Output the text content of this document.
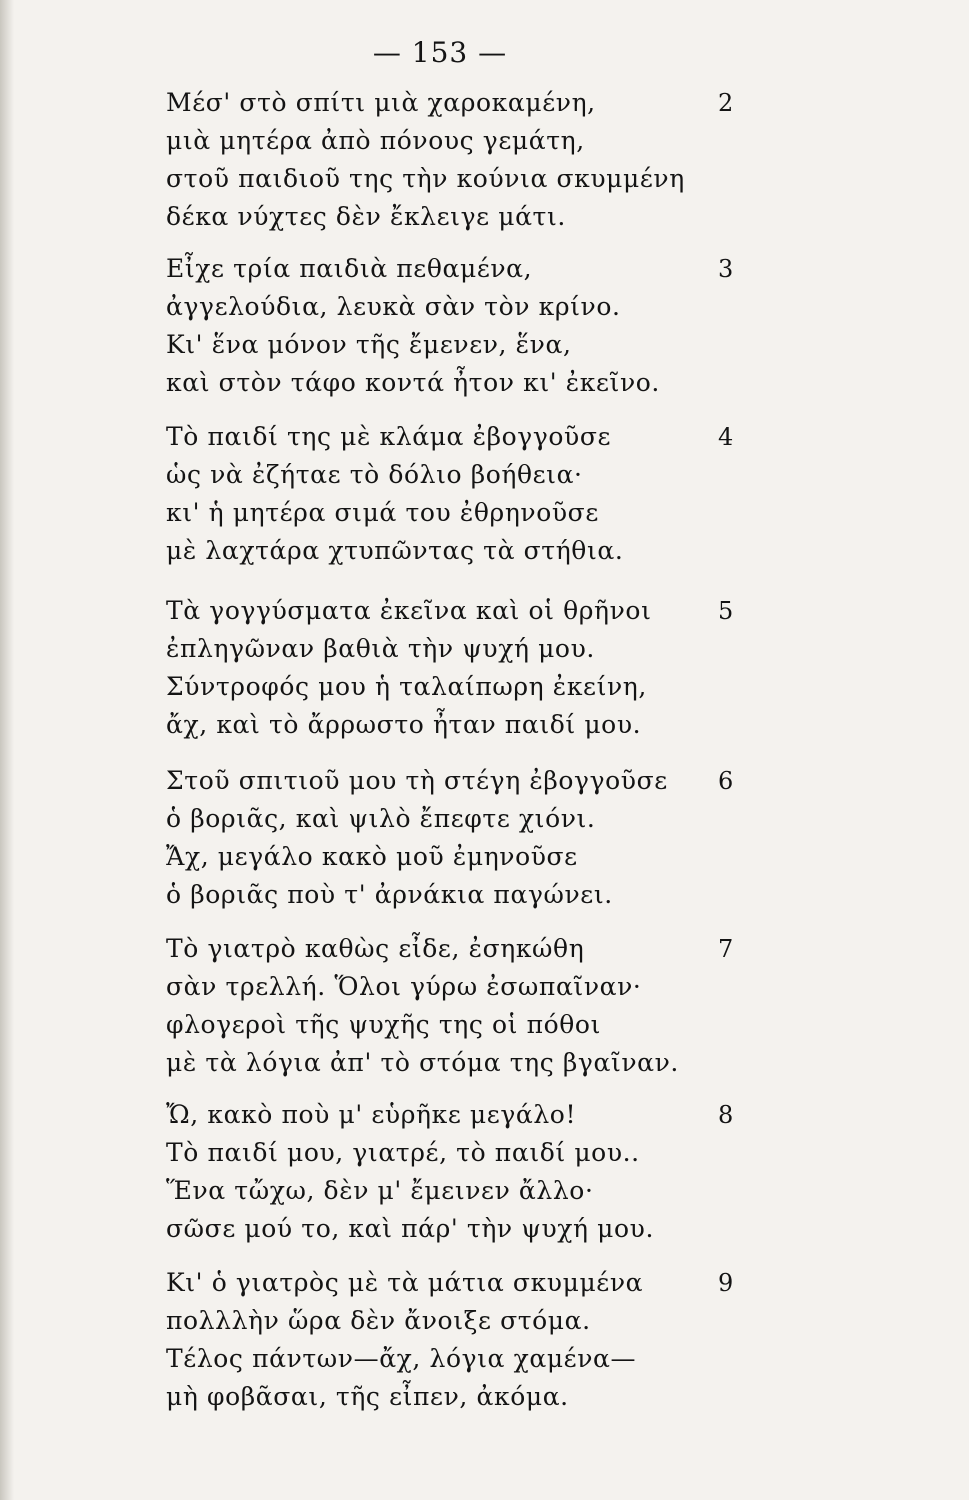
— 153 —
Μέσ' στὸ σπίτι μιὰ χαροκαμένη,
μιὰ μητέρα ἀπὸ πόνους γεμάτη,
στοῦ παιδιοῦ της τὴν κούνια σκυμμένη
δέκα νύχτες δὲν ἔκλειγε μάτι.
2
Εἶχε τρία παιδιὰ πεθαμένα,
ἀγγελούδια, λευκὰ σὰν τὸν κρίνο.
Κι' ἕνα μόνον τῆς ἔμενεν, ἕνα,
καὶ στὸν τάφο κοντά ἦτον κι' ἐκεῖνο.
3
Τὸ παιδί της μὲ κλάμα ἐβογγοῦσε
ὡς νὰ ἐζήταε τὸ δόλιο βοήθεια·
κι' ἡ μητέρα σιμά του ἐθρηνοῦσε
μὲ λαχτάρα χτυπῶντας τὰ στήθια.
4
Τὰ γογγύσματα ἐκεῖνα καὶ οἱ θρῆνοι
ἐπληγῶναν βαθιὰ τὴν ψυχή μου.
Σύντροφός μου ἡ ταλαίπωρη ἐκείνη,
ἄχ, καὶ τὸ ἄρρωστο ἦταν παιδί μου.
5
Στοῦ σπιτιοῦ μου τὴ στέγη ἐβογγοῦσε
ὁ βοριᾶς, καὶ ψιλὸ ἔπεφτε χιόνι.
Ἄχ, μεγάλο κακὸ μοῦ ἐμηνοῦσε
ὁ βοριᾶς ποὺ τ' ἀρνάκια παγώνει.
6
Τὸ γιατρὸ καθὼς εἶδε, ἐσηκώθη
σὰν τρελλή. Ὅλοι γύρω ἐσωπαῖναν·
φλογεροὶ τῆς ψυχῆς της οἱ πόθοι
μὲ τὰ λόγια ἀπ' τὸ στόμα της βγαῖναν.
7
Ὤ, κακὸ ποὺ μ' εὑρῆκε μεγάλο!
Τὸ παιδί μου, γιατρέ, τὸ παιδί μου..
Ἕνα τὤχω, δὲν μ' ἔμεινεν ἄλλο·
σῶσε μού το, καὶ πάρ' τὴν ψυχή μου.
8
Κι' ὁ γιατρὸς μὲ τὰ μάτια σκυμμένα
πολλλὴν ὥρα δὲν ἄνοιξε στόμα.
Τέλος πάντων—ἄχ, λόγια χαμένα—
μὴ φοβᾶσαι, τῆς εἶπεν, ἀκόμα.
9
